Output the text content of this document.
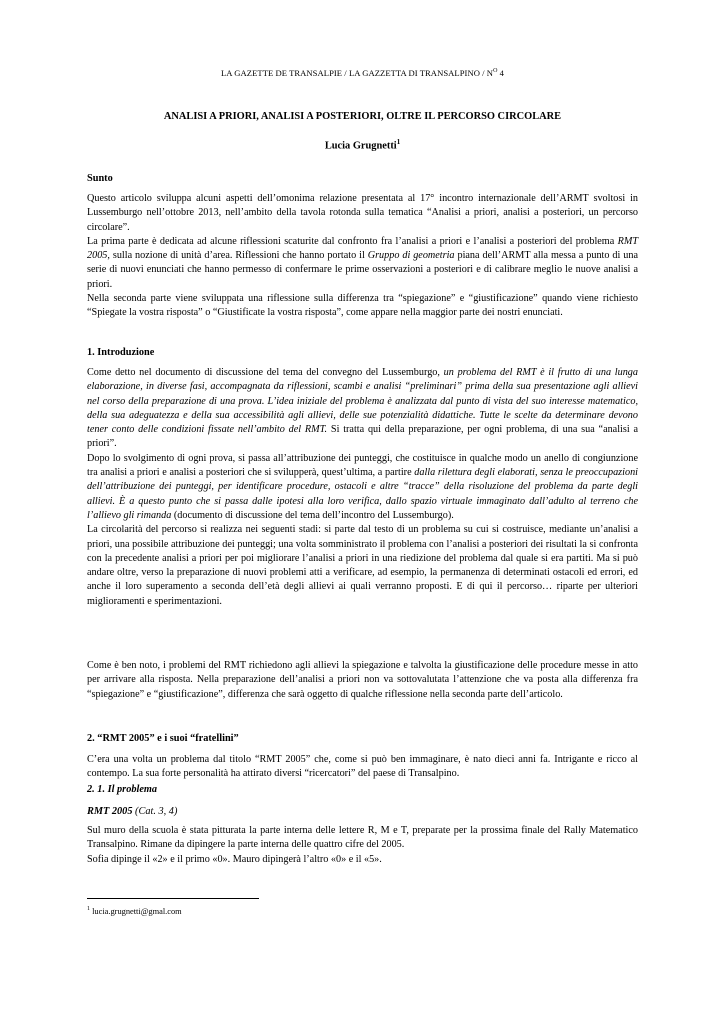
LA GAZETTE DE TRANSALPIE / LA GAZZETTA DI TRANSALPINO / $N^O$ 4
ANALISI A PRIORI, ANALISI A POSTERIORI, OLTRE IL PERCORSO CIRCOLARE
Lucia Grugnetti$^1$
Sunto

Questo articolo sviluppa alcuni aspetti dell’omonima relazione presentata al 17° incontro internazionale dell’ARMT svoltosi in Lussemburgo nell’ottobre 2013, nell’ambito della tavola rotonda sulla tematica “Analisi a priori, analisi a posteriori, un percorso circolare”.

La prima parte è dedicata ad alcune riflessioni scaturite dal confronto fra l’analisi a priori e l’analisi a posteriori del problema RMT 2005, sulla nozione di unità d’area. Riflessioni che hanno portato il Gruppo di geometria piana dell’ARMT alla messa a punto di una serie di nuovi enunciati che hanno permesso di confermare le prime osservazioni a posteriori e di calibrare meglio le nuove analisi a priori.

Nella seconda parte viene sviluppata una riflessione sulla differenza tra “spiegazione” e “giustificazione” quando viene richiesto “Spiegate la vostra risposta” o “Giustificate la vostra risposta”, come appare nella maggior parte dei nostri enunciati.

1. Introduzione

Come detto nel documento di discussione del tema del convegno del Lussemburgo, un problema del RMT è il frutto di una lunga elaborazione, in diverse fasi, accompagnata da riflessioni, scambi e analisi “preliminari” prima della sua presentazione agli allievi nel corso della preparazione di una prova. L’idea iniziale del problema è analizzata dal punto di vista del suo interesse matematico, della sua adeguatezza e della sua accessibilità agli allievi, delle sue potenzialità didattiche. Tutte le scelte da determinare devono tener conto delle condizioni fissate nell’ambito del RMT. Si tratta qui della preparazione, per ogni problema, di una sua “analisi a priori”.

Dopo lo svolgimento di ogni prova, si passa all’attribuzione dei punteggi, che costituisce in qualche modo un anello di congiunzione tra analisi a priori e analisi a posteriori che si svilupperà, quest’ultima, a partire dalla rilettura degli elaborati, senza le preoccupazioni dell’attribuzione dei punteggi, per identificare procedure, ostacoli e altre “tracce” della risoluzione del problema da parte degli allievi. È a questo punto che si passa dalle ipotesi alla loro verifica, dallo spazio virtuale immaginato dall’adulto al terreno che l’allievo gli rimanda (documento di discussione del tema dell’incontro del Lussemburgo).

La circolarità del percorso si realizza nei seguenti stadi: si parte dal testo di un problema su cui si costruisce, mediante un’analisi a priori, una possibile attribuzione dei punteggi; una volta somministrato il problema con l’analisi a posteriori dei risultati la si confronta con la precedente analisi a priori per poi migliorare l’analisi a priori in una riedizione del problema dal quale si era partiti. Ma si può andare oltre, verso la preparazione di nuovi problemi atti a verificare, ad esempio, la permanenza di determinati ostacoli ed errori, ed anche il loro superamento a seconda dell’età degli allievi ai quali verranno proposti. E di qui il percorso… riparte per ulteriori miglioramenti e sperimentazioni.

Come è ben noto, i problemi del RMT richiedono agli allievi la spiegazione e talvolta la giustificazione delle procedure messe in atto per arrivare alla risposta. Nella preparazione dell’analisi a priori non va sottovalutata l’attenzione che va posta alla differenza fra “spiegazione” e “giustificazione”, differenza che sarà oggetto di qualche riflessione nella seconda parte dell’articolo.

2. “RMT 2005” e i suoi “fratellini”

C’era una volta un problema dal titolo “RMT 2005” che, come si può ben immaginare, è nato dieci anni fa. Intrigante e ricco al contempo. La sua forte personalità ha attirato diversi “ricercatori” del paese di Transalpino.

2. 1. Il problema
RMT 2005 (Cat. 3, 4)

Sul muro della scuola è stata pitturata la parte interna delle lettere R, M e T, preparate per la prossima finale del Rally Matematico Transalpino. Rimane da dipingere la parte interna delle quattro cifre del 2005.

Sofia dipinge il «2» e il primo «0». Mauro dipingerà l’altro «0» e il «5».

$^1$ lucia.grugnetti@gmal.com
